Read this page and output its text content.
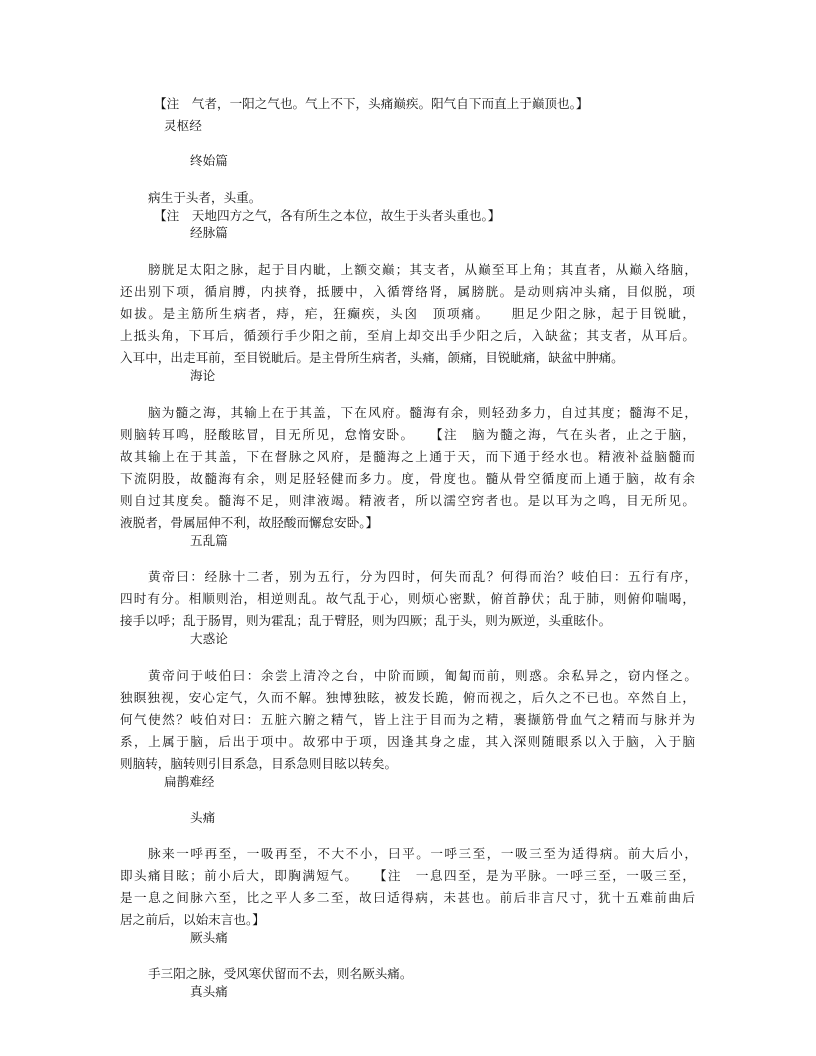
【注　气者，一阳之气也。气上不下，头痛巅疾。阳气自下而直上于巅顶也。】
灵枢经
终始篇
病生于头者，头重。
【注　天地四方之气，各有所生之本位，故生于头者头重也。】
经脉篇
膀胱足太阳之脉，起于目内眦，上额交巅；其支者，从巅至耳上角；其直者，从巅入络脑，
还出别下项，循肩膊，内挟脊，抵腰中，入循膂络肾，属膀胱。是动则病冲头痛，目似脱，项
如拔。是主筋所生病者，痔，疟，狂癫疾，头囟　顶项痛。　　胆足少阳之脉，起于目锐眦，
上抵头角，下耳后，循颈行手少阳之前，至肩上却交出手少阳之后，入缺盆；其支者，从耳后。
入耳中，出走耳前，至目锐眦后。是主骨所生病者，头痛，颌痛，目锐眦痛，缺盆中肿痛。
海论
脑为髓之海，其输上在于其盖，下在风府。髓海有余，则轻劲多力，自过其度；髓海不足，
则脑转耳鸣，胫酸眩冒，目无所见，怠惰安卧。　　【注　脑为髓之海，气在头者，止之于脑，
故其输上在于其盖，下在督脉之风府，是髓海之上通于天，而下通于经水也。精液补益脑髓而
下流阴股，故髓海有余，则足胫轻健而多力。度，骨度也。髓从骨空循度而上通于脑，故有余
则自过其度矣。髓海不足，则津液竭。精液者，所以濡空窍者也。是以耳为之鸣，目无所见。
液脱者，骨属屈伸不利，故胫酸而懈怠安卧。】
五乱篇
黄帝曰：经脉十二者，别为五行，分为四时，何失而乱？何得而治？岐伯曰：五行有序，
四时有分。相顺则治，相逆则乱。故气乱于心，则烦心密默，俯首静伏；乱于肺，则俯仰喘喝，
接手以呼；乱于肠胃，则为霍乱；乱于臂胫，则为四厥；乱于头，则为厥逆，头重眩仆。
大惑论
黄帝问于岐伯曰：余尝上清冷之台，中阶而顾，匍匐而前，则惑。余私异之，窃内怪之。
独瞑独视，安心定气，久而不解。独博独眩，被发长跪，俯而视之，后久之不已也。卒然自上，
何气使然？岐伯对曰：五脏六腑之精气，皆上注于目而为之精，裹撷筋骨血气之精而与脉并为
系，上属于脑，后出于项中。故邪中于项，因逢其身之虚，其入深则随眼系以入于脑，入于脑
则脑转，脑转则引目系急，目系急则目眩以转矣。
扁鹊难经
头痛
脉来一呼再至，一吸再至，不大不小，曰平。一呼三至，一吸三至为适得病。前大后小，
即头痛目眩；前小后大，即胸满短气。　　【注　一息四至，是为平脉。一呼三至，一吸三至，
是一息之间脉六至，比之平人多二至，故曰适得病，未甚也。前后非言尺寸，犹十五难前曲后
居之前后，以始末言也。】
厥头痛
手三阳之脉，受风寒伏留而不去，则名厥头痛。
真头痛
